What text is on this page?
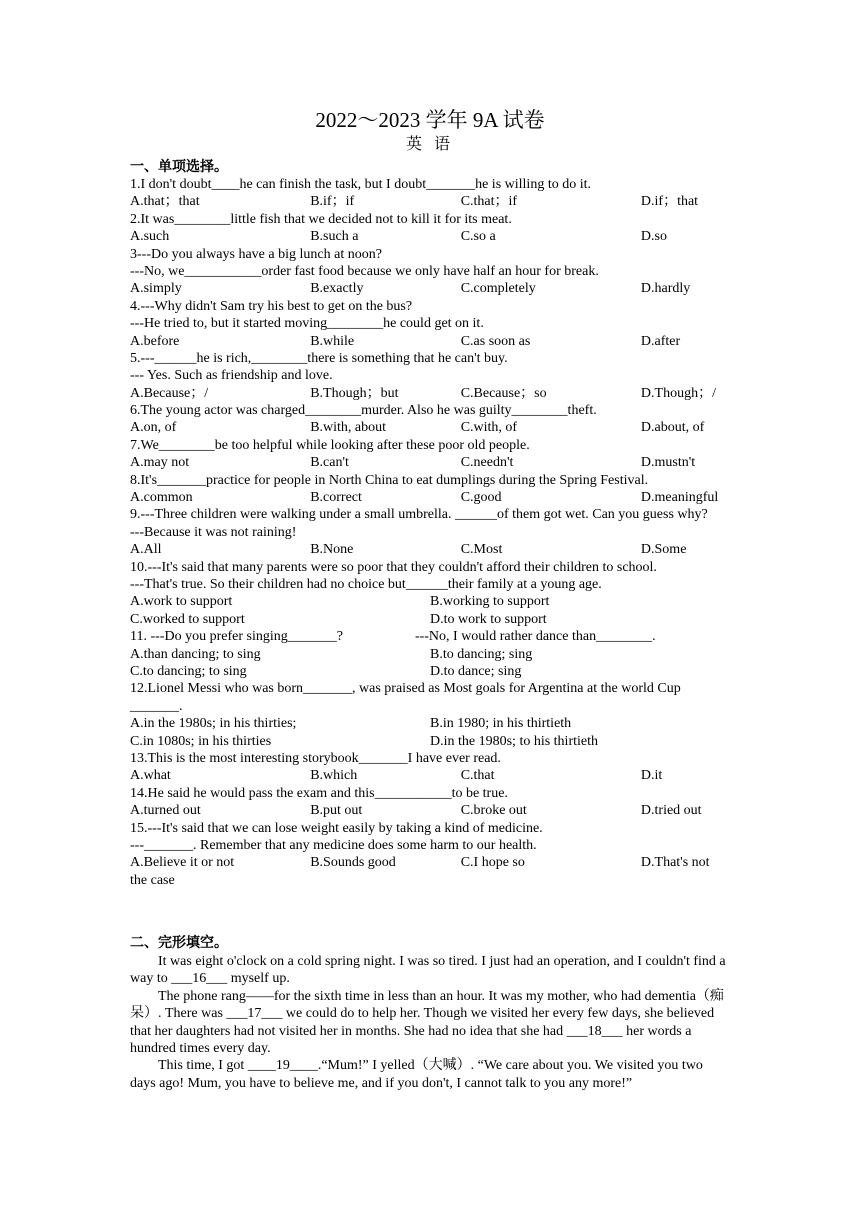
2022～2023 学年 9A 试卷
英 语
一、单项选择。
1.I don't doubt____he can finish the task, but I doubt_______he is willing to do it.
A.that；that	B.if；if	C.that；if	D.if；that
2.It was________little fish that we decided not to kill it for its meat.
A.such	B.such a	C.so a	D.so
3---Do you always have a big lunch at noon?
---No, we___________order fast food because we only have half an hour for break.
A.simply	B.exactly	C.completely	D.hardly
4.---Why didn't Sam try his best to get on the bus?
---He tried to, but it started moving________he could get on it.
A.before	B.while	C.as soon as	D.after
5.---______he is rich,________there is something that he can't buy.
--- Yes. Such as friendship and love.
A.Because；/	B.Though；but	C.Because；so	D.Though；/
6.The young actor was charged________murder. Also he was guilty________theft.
A.on, of	B.with, about	C.with, of	D.about, of
7.We________be too helpful while looking after these poor old people.
A.may not	B.can't	C.needn't	D.mustn't
8.It's_______practice for people in North China to eat dumplings during the Spring Festival.
A.common	B.correct	C.good	D.meaningful
9.---Three children were walking under a small umbrella. ______of them got wet. Can you guess why?
---Because it was not raining!
A.All	B.None	C.Most	D.Some
10.---It's said that many parents were so poor that they couldn't afford their children to school.
---That's true. So their children had no choice but______their family at a young age.
A.work to support	B.working to support
C.worked to support	D.to work to support
11. ---Do you prefer singing_______?	---No, I would rather dance than________.
A.than dancing; to sing	B.to dancing; sing
C.to dancing; to sing	D.to dance; sing
12.Lionel Messi who was born_______, was praised as Most goals for Argentina at the world Cup _______.
A.in the 1980s; in his thirties;	B.in 1980; in his thirtieth
C.in 1080s; in his thirties	D.in the 1980s; to his thirtieth
13.This is the most interesting storybook_______I have ever read.
A.what	B.which	C.that	D.it
14.He said he would pass the exam and this___________to be true.
A.turned out	B.put out	C.broke out	D.tried out
15.---It's said that we can lose weight easily by taking a kind of medicine.
---_______. Remember that any medicine does some harm to our health.
A.Believe it or not	B.Sounds good	C.I hope so	D.That's not
the case
二、完形填空。

It was eight o'clock on a cold spring night. I was so tired. I just had an operation, and I couldn't find a way to ___16___ myself up.

The phone rang——for the sixth time in less than an hour. It was my mother, who had dementia（痴呆）. There was ___17___ we could do to help her. Though we visited her every few days, she believed that her daughters had not visited her in months. She had no idea that she had ___18___ her words a hundred times every day.

This time, I got ____19____.“Mum!” I yelled（大喊）. “We care about you. We visited you two days ago! Mum, you have to believe me, and if you don't, I cannot talk to you any more!”
